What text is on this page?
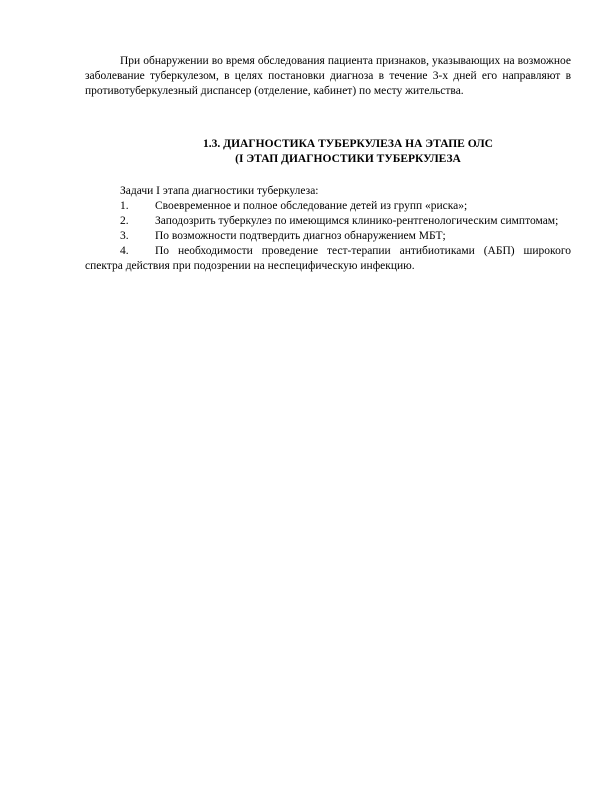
При обнаружении во время обследования пациента признаков, указывающих на возможное заболевание туберкулезом, в целях постановки диагноза в течение 3-х дней его направляют в противотуберкулезный диспансер (отделение, кабинет) по месту жительства.

1.3. ДИАГНОСТИКА ТУБЕРКУЛЕЗА НА ЭТАПЕ ОЛС
(I ЭТАП ДИАГНОСТИКИ ТУБЕРКУЛЕЗА

Задачи I этапа диагностики туберкулеза:

1. Своевременное и полное обследование детей из групп «риска»;

2. Заподозрить туберкулез по имеющимся клинико-рентгенологическим симптомам;

3. По возможности подтвердить диагноз обнаружением МБТ;

4. По необходимости проведение тест-терапии антибиотиками (АБП) широкого спектра действия при подозрении на неспецифическую инфекцию.
